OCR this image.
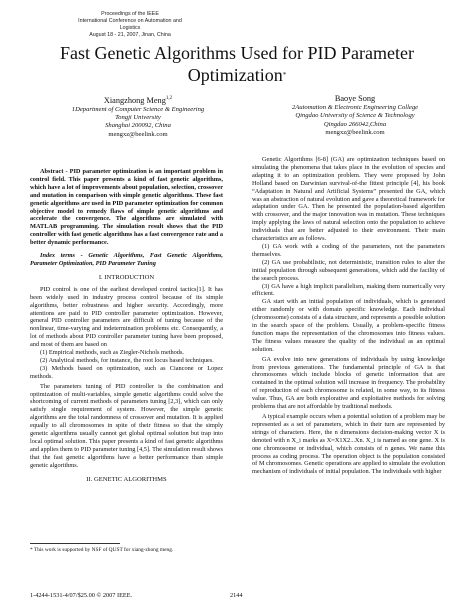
Proceedings of the IEEE
International Conference on Automation and Logistics
August 18 - 21, 2007, Jinan, China
Fast Genetic Algorithms Used for PID Parameter
Optimization*
Xiangzhong Meng$^{1,2}$
1Department of Computer Science & Engineering
Tongji University
Shanghai 200092, China
mengxz@beelink.com
Baoye Song
2Automation & Electronic Engineering College
Qingdao University of Science & Technology
Qingdao 266042,China
mengxz@beelink.com

Abstract - PID parameter optimization is an important problem in control field. This paper presents a kind of fast genetic algorithms, which have a lot of improvements about population, selection, crossover and mutation in comparison with simple genetic algorithms. These fast genetic algorithms are used in PID parameter optimization for common objective model to remedy flaws of simple genetic algorithms and accelerate the convergence. The algorithms are simulated with MATLAB programming. The simulation result shows that the PID controller with fast genetic algorithms has a fast convergence rate and a better dynamic performance.

Index terms - Genetic Algorithms, Fast Genetic Algorithms, Parameter Optimization, PID Parameter Tuning

I. INTRODUCTION

PID control is one of the earliest developed control tactics[1]. It has been widely used in industry process control because of its simple algorithms, better robustness and higher security. Accordingly, more attentions are paid to PID controller parameter optimization. However, general PID controller parameters are difficult of tuning because of the nonlinear, time-varying and indetermination problems etc. Consequently, a lot of methods about PID controller parameter tuning have been proposed, and most of them are based on

(1) Empirical methods, such as Ziegler-Nichols methods.

(2) Analytical methods, for instance, the root locus based techniques.

(3) Methods based on optimization, such as Ciancone or Lopez methods.

The parameters tuning of PID controller is the combination and optimization of multi-variables, simple genetic algorithms could solve the shortcoming of current methods of parameters tuning [2,3], which can only satisfy single requirement of system. However, the simple genetic algorithms are the total randomness of crossover and mutation. It is applied equally to all chromosomes in spite of their fitness so that the simply genetic algorithms usually cannot get global optimal solution but trap into local optimal solution. This paper presents a kind of fast genetic algorithms and applies them to PID parameter tuning [4,5]. The simulation result shows that the fast genetic algorithms have a better performance than simple genetic algorithms.

II. GENETIC ALGORITHMS

Genetic Algorithms [6-8] (GA) are optimization techniques based on simulating the phenomena that takes place in the evolution of species and adapting it to an optimization problem. They were proposed by John Holland based on Darwinian survival-of-the fittest principle [4], his book “Adaptation in Natural and Artificial Systems” presented the GA, which was an abstraction of natural evolution and gave a theoretical framework for adaptation under GA. Then he presented the population-based algorithm with crossover, and the major innovation was in mutation. These techniques imply applying the laws of natural selection onto the population to achieve individuals that are better adjusted to their environment. Their main characteristics are as follows.

(1) GA work with a coding of the parameters, not the parameters themselves.

(2) GA use probabilistic, not deterministic, transition rules to alter the initial population through subsequent generations, which add the facility of the search process.

(3) GA have a high implicit parallelism, making them numerically very efficient.

GA start with an initial population of individuals, which is generated either randomly or with domain specific knowledge. Each individual (chromosome) consists of a data structure, and represents a possible solution in the search space of the problem. Usually, a problem-specific fitness function maps the representation of the chromosomes into fitness values. The fitness values measure the quality of the individual as an optimal solution.

GA evolve into new generations of individuals by using knowledge from previous generations. The fundamental principle of GA is that chromosomes which include blocks of genetic information that are contained in the optimal solution will increase in frequency. The probability of reproduction of each chromosome is related, in some way, to its fitness value. Thus, GA are both explorative and exploitative methods for solving problems that are not affordable by traditional methods.

A typical example occurs when a potential solution of a problem may be represented as a set of parameters, which in their turn are represented by strings of characters. Here, the n dimensions decision-making vector X is denoted with n X_i marks as X=X1X2...Xn. X_i is named as one gene. X is one chromosome or individual, which consists of n genes. We name this process as coding process. The operation object is the population consisted of M chromosomes. Genetic operations are applied to simulate the evolution mechanism of individuals of initial population. The individuals with higher

* This work is supported by NSF of QUST for xiang-zhong meng.
1-4244-1531-4/07/$25.00 © 2007 IEEE.	2144
